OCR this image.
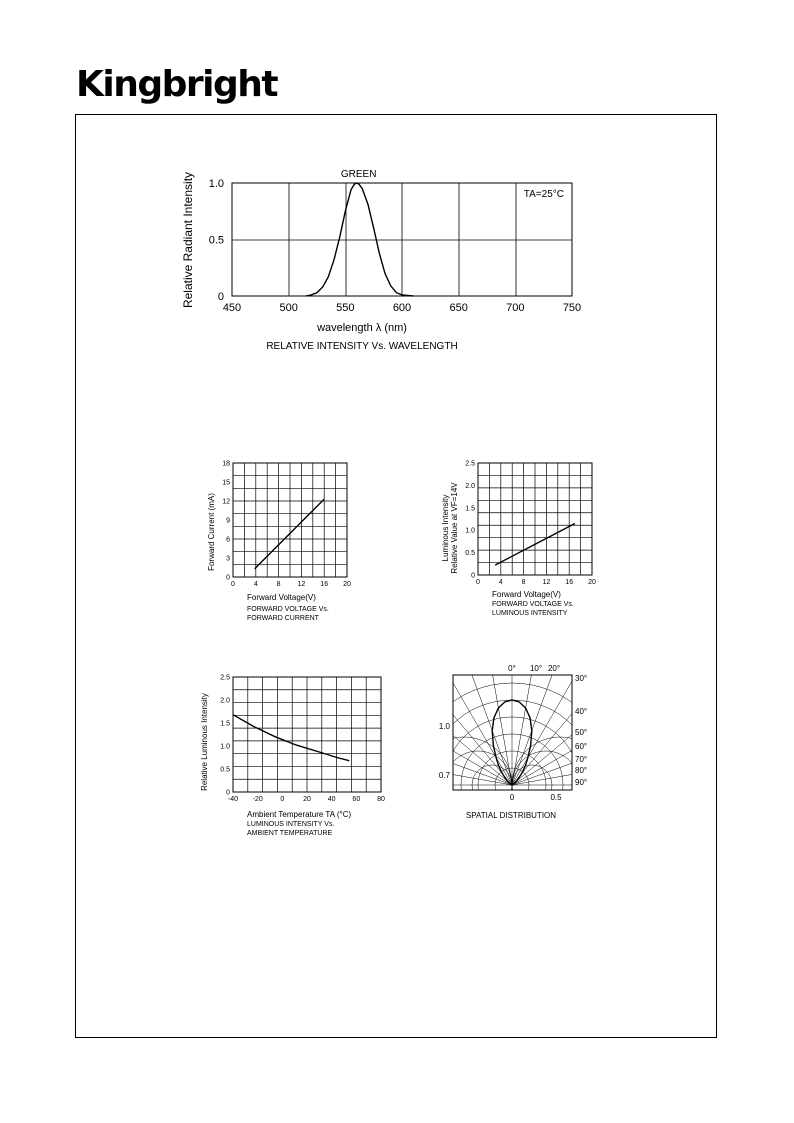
Kingbright
450	500	550	600	650	700	750
0
0.5
1.0
Relative Radiant Intensity
wavelength λ (nm)
RELATIVE INTENSITY Vs. WAVELENGTH
GREEN
TA=25°C
0	4	8 12 16 20
0
3
6
9
12
15
18
Forward Current (mA)
Forward Voltage(V)
FORWARD VOLTAGE Vs.
FORWARD CURRENT
0	4	8 12 16 20
0
0.5
1.0
1.5
2.0
2.5
Luminous Intensity Relative Value at VF=14V
Forward Voltage(V)
FORWARD VOLTAGE Vs.
LUMINOUS INTENSITY
-40 -20	0	20 40 60 80
0
0.5
1.0
1.5
2.0
2.5
Relative Luminous Intensity
Ambient Temperature TA (°C)
LUMINOUS INTENSITY Vs.
AMBIENT TEMPERATURE
0° 10° 20°
30°
40°
50°
60°
70°
80°
90°
1.0
0.7
0	0.5
SPATIAL DISTRIBUTION
